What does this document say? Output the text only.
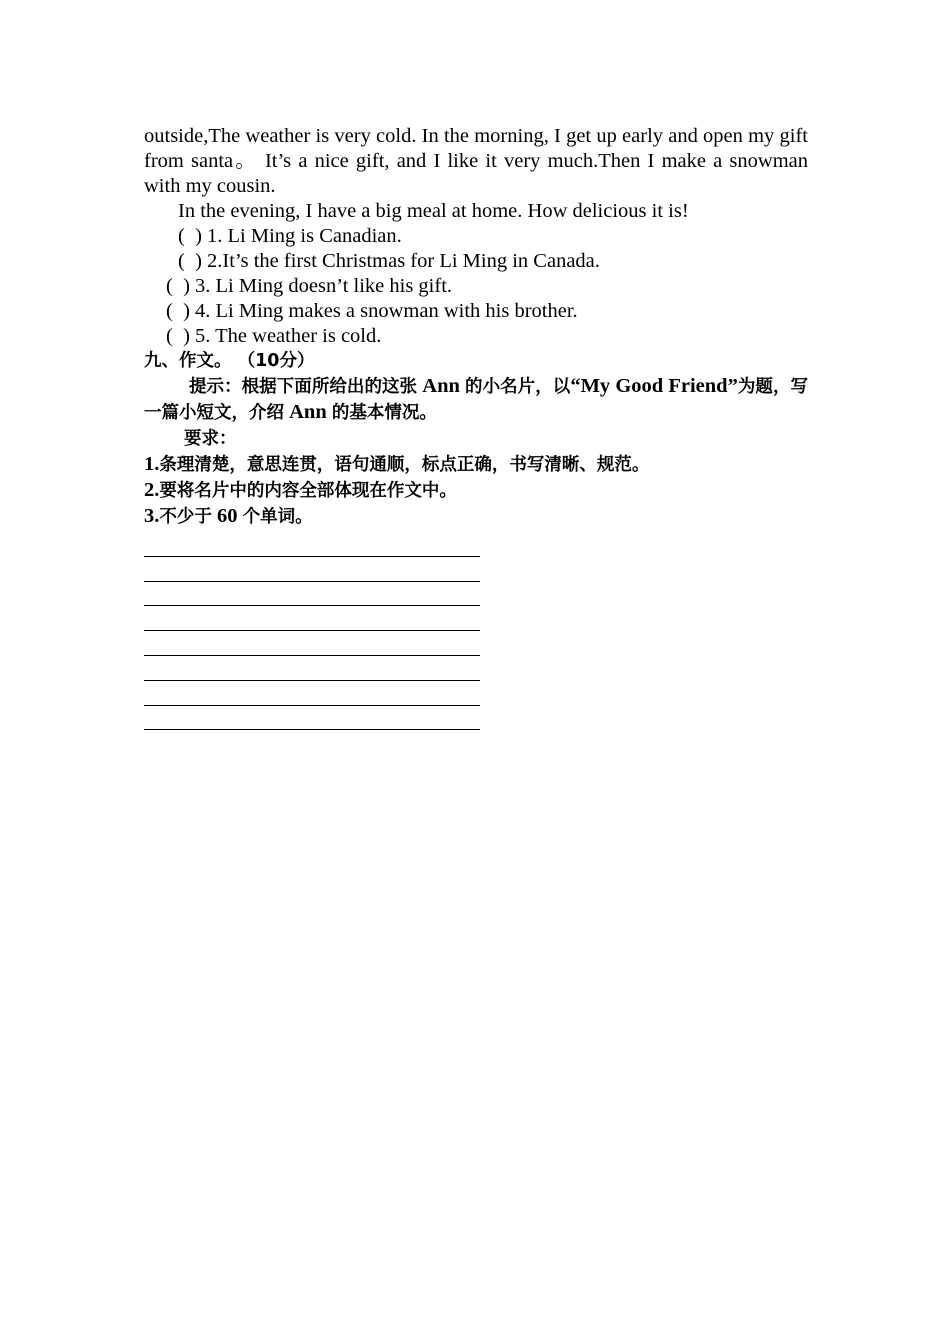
outside,The weather is very cold. In the morning, I get up early and open my gift from santa。 It’s a nice gift, and I like it very much.Then I make a snowman with my cousin.

In the evening, I have a big meal at home. How delicious it is!

(  ) 1. Li Ming is Canadian.

(  ) 2.It’s the first Christmas for Li Ming in Canada.

(  ) 3. Li Ming doesn’t like his gift.

(  ) 4. Li Ming makes a snowman with his brother.

(  ) 5. The weather is cold.

九、作文。 （10分）

提示：根据下面所给出的这张 Ann 的小名片，以“My Good Friend”为题，写一篇小短文，介绍 Ann 的基本情况。

要求：

1.条理清楚，意思连贯，语句通顺，标点正确，书写清晰、规范。

2.要将名片中的内容全部体现在作文中。

3.不少于 60 个单词。
